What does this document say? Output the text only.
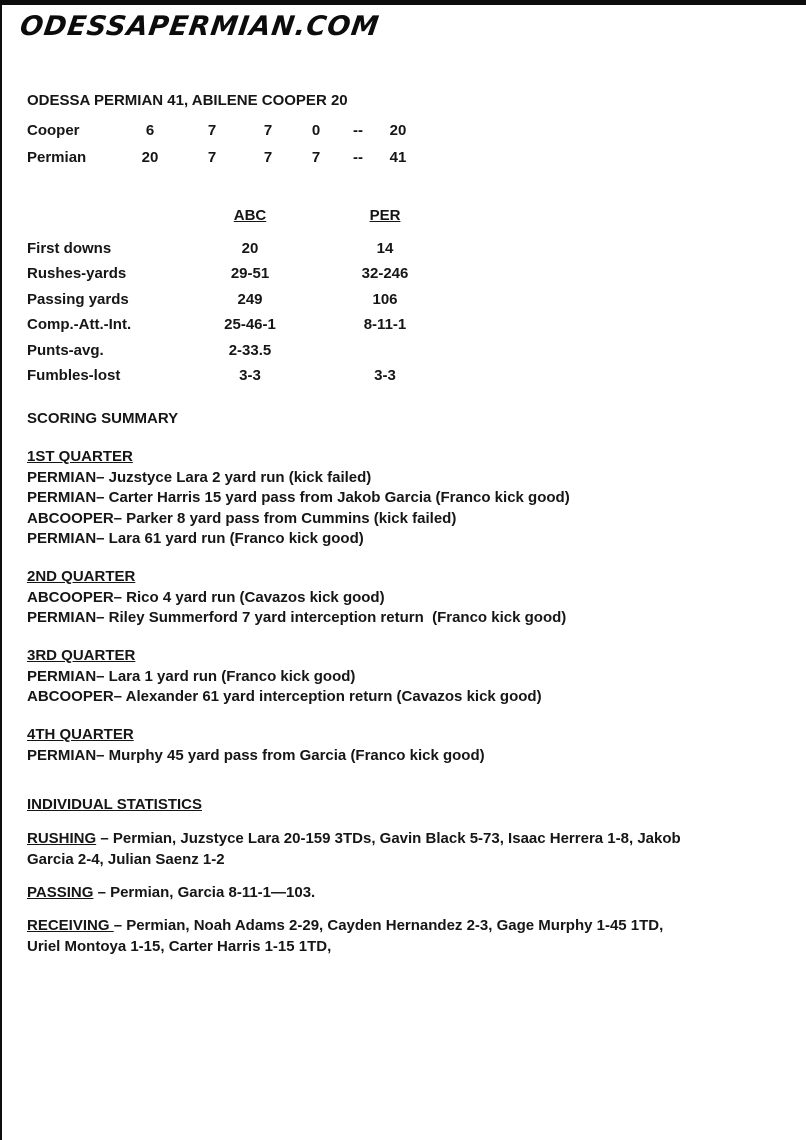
ODESSAPERMIAN.COM
ODESSA PERMIAN 41, ABILENE COOPER 20
Cooper	6	7	7	0 -- 20
Permian	20	7	7	7 -- 41
ABC	PER
First downs	20	14
Rushes-yards	29-51	32-246
Passing yards	249	106
Comp.-Att.-Int.	25-46-1	8-11-1
Punts-avg.	2-33.5
Fumbles-lost	3-3	3-3
SCORING SUMMARY
1ST QUARTER
PERMIAN– Juzstyce Lara 2 yard run (kick failed)
PERMIAN– Carter Harris 15 yard pass from Jakob Garcia (Franco kick good)
ABCOOPER– Parker 8 yard pass from Cummins (kick failed)
PERMIAN– Lara 61 yard run (Franco kick good)
2ND QUARTER
ABCOOPER– Rico 4 yard run (Cavazos kick good)
PERMIAN– Riley Summerford 7 yard interception return  (Franco kick good)
3RD QUARTER
PERMIAN– Lara 1 yard run (Franco kick good)
ABCOOPER– Alexander 61 yard interception return (Cavazos kick good)
4TH QUARTER
PERMIAN– Murphy 45 yard pass from Garcia (Franco kick good)
INDIVIDUAL STATISTICS
RUSHING – Permian, Juzstyce Lara 20-159 3TDs, Gavin Black 5-73, Isaac Herrera 1-8, Jakob
Garcia 2-4, Julian Saenz 1-2
PASSING – Permian, Garcia 8-11-1—103.
RECEIVING – Permian, Noah Adams 2-29, Cayden Hernandez 2-3, Gage Murphy 1-45 1TD,
Uriel Montoya 1-15, Carter Harris 1-15 1TD,
